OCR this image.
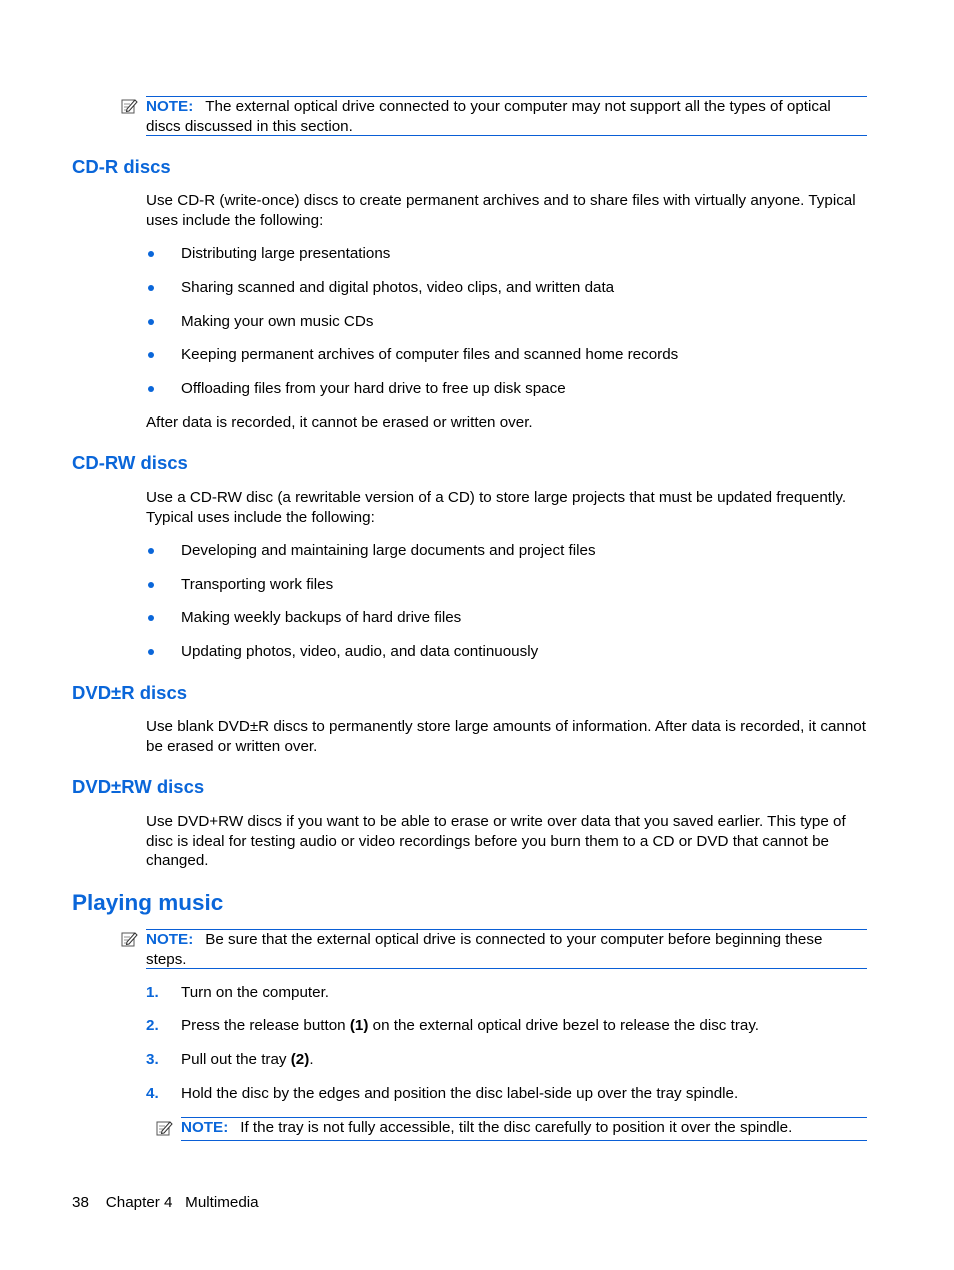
NOTE: The external optical drive connected to your computer may not support all the types of optical discs discussed in this section.
CD-R discs

Use CD-R (write-once) discs to create permanent archives and to share files with virtually anyone. Typical uses include the following:

Distributing large presentations
Sharing scanned and digital photos, video clips, and written data
Making your own music CDs
Keeping permanent archives of computer files and scanned home records
Offloading files from your hard drive to free up disk space

After data is recorded, it cannot be erased or written over.

CD-RW discs

Use a CD-RW disc (a rewritable version of a CD) to store large projects that must be updated frequently. Typical uses include the following:

Developing and maintaining large documents and project files
Transporting work files
Making weekly backups of hard drive files
Updating photos, video, audio, and data continuously
DVD±R discs

Use blank DVD±R discs to permanently store large amounts of information. After data is recorded, it cannot be erased or written over.

DVD±RW discs

Use DVD+RW discs if you want to be able to erase or write over data that you saved earlier. This type of disc is ideal for testing audio or video recordings before you burn them to a CD or DVD that cannot be changed.

Playing music
NOTE: Be sure that the external optical drive is connected to your computer before beginning these steps.
1. Turn on the computer.
2. Press the release button (1) on the external optical drive bezel to release the disc tray.
3. Pull out the tray (2).
4. Hold the disc by the edges and position the disc label-side up over the tray spindle.
NOTE: If the tray is not fully accessible, tilt the disc carefully to position it over the spindle.
38 Chapter 4 Multimedia
